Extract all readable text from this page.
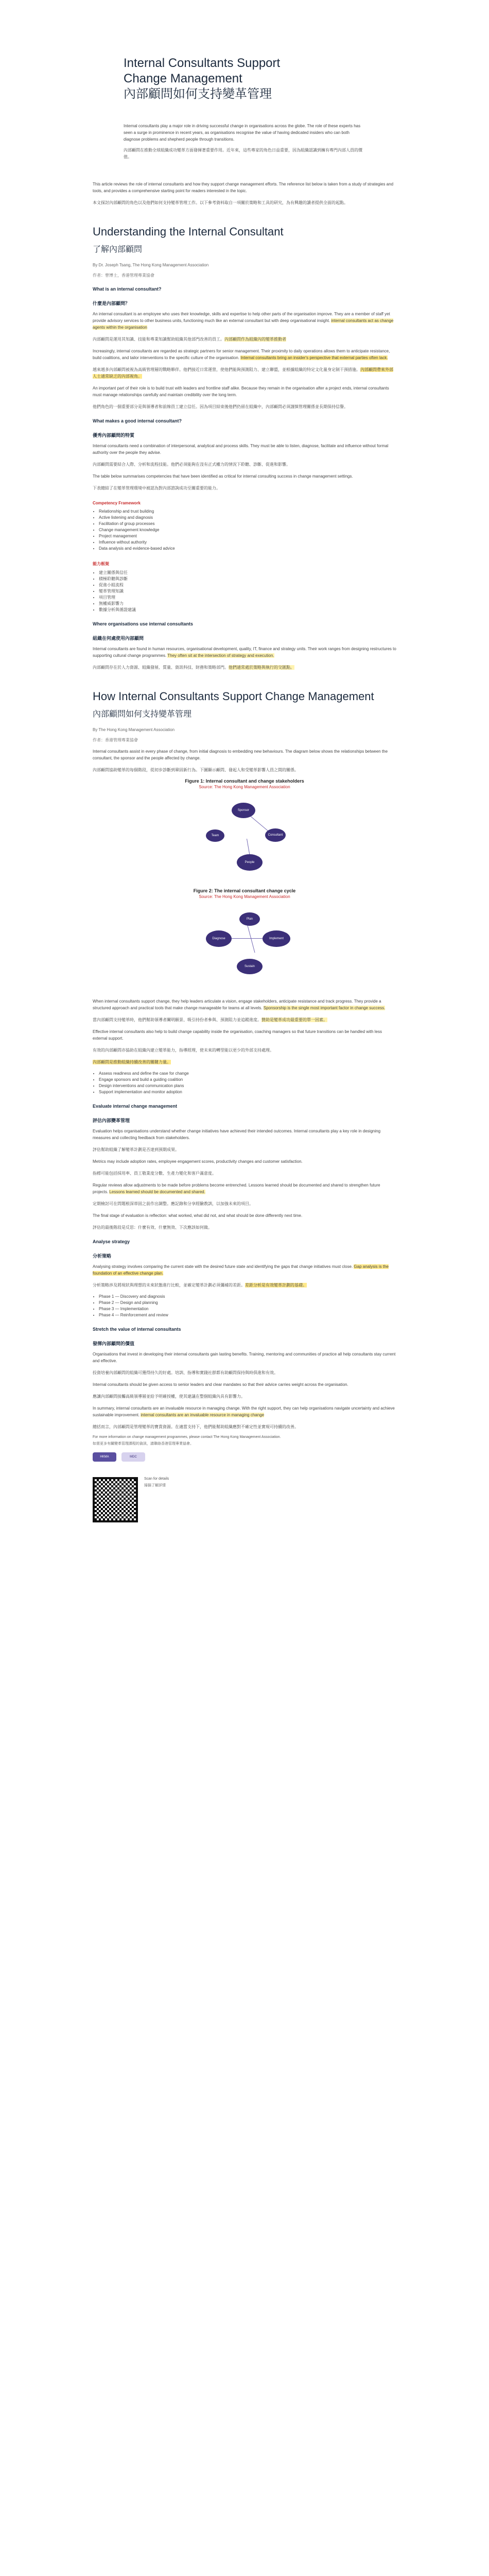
Internal Consultants Support
Change Management
內部顧問如何支持變革管理

Internal consultants play a major role in driving successful change in organisations across the globe. The role of these experts has seen a surge in prominence in recent years, as organisations recognise the value of having dedicated insiders who can both diagnose problems and shepherd people through transitions.

內部顧問在推動全球組織成功變革方面發揮著重要作用。近年來，這些專家的角色日益重要，因為組織認識到擁有專門內部人員的價值。

This article reviews the role of internal consultants and how they support change management efforts. The reference list below is taken from a study of strategies and tools, and provides a comprehensive starting point for readers interested in the topic.

本文探討內部顧問的角色以及他們如何支持變革管理工作。以下參考資料取自一項關於策略和工具的研究，為有興趣的讀者提供全面的起點。

Understanding the Internal Consultant
了解內部顧問

By Dr. Joseph Tsang, The Hong Kong Management Association

作者：曾博士，香港管理專業協會

What is an internal consultant?
什麼是內部顧問？

An internal consultant is an employee who uses their knowledge, skills and expertise to help other parts of the organisation improve. They are a member of staff yet provide advisory services to other business units, functioning much like an external consultant but with deep organisational insight. internal consultants act as change agents within the organisation

內部顧問是運用其知識、技能和專業知識幫助組織其他部門改善的員工。內部顧問作為組織內的變革推動者

Increasingly, internal consultants are regarded as strategic partners for senior management. Their proximity to daily operations allows them to anticipate resistance, build coalitions, and tailor interventions to the specific culture of the organisation. Internal consultants bring an insider's perspective that external parties often lack.

越來越多內部顧問被視為高級管理層的戰略夥伴。他們接近日常運營，使他們能夠預測阻力、建立聯盟，並根據組織的特定文化量身定制干預措施。內部顧問帶來外部人士通常缺乏的內部視角。

An important part of their role is to build trust with leaders and frontline staff alike. Because they remain in the organisation after a project ends, internal consultants must manage relationships carefully and maintain credibility over the long term.

他們角色的一個重要部分是與領導者和前線員工建立信任。因為項目結束後他們仍留在組織中，內部顧問必須謹慎管理關係並長期保持信譽。

What makes a good internal consultant?
優秀內部顧問的特質

Internal consultants need a combination of interpersonal, analytical and process skills. They must be able to listen, diagnose, facilitate and influence without formal authority over the people they advise.

內部顧問需要結合人際、分析和流程技能。他們必須能夠在沒有正式權力的情況下聆聽、診斷、促進和影響。

The table below summarises competencies that have been identified as critical for internal consulting success in change management settings.

下表總結了在變革管理環境中被認為對內部諮詢成功至關重要的能力。

Competency Framework
• Relationship and trust building
• Active listening and diagnosis
• Facilitation of group processes
• Change management knowledge
• Project management
• Influence without authority
• Data analysis and evidence-based advice
能力框架
• 建立關係與信任
• 積極聆聽與診斷
• 促進小組流程
• 變革管理知識
• 項目管理
• 無權威影響力
• 數據分析與循證建議
Where organisations use internal consultants
組織在何處使用內部顧問

Internal consultants are found in human resources, organisational development, quality, IT, finance and strategy units. Their work ranges from designing restructures to supporting cultural change programmes. They often sit at the intersection of strategy and execution.

內部顧問存在於人力資源、組織發展、質量、資訊科技、財務和策略部門。他們通常處於策略與執行的交匯點。

How Internal Consultants Support Change Management
內部顧問如何支持變革管理

By The Hong Kong Management Association

作者：香港管理專業協會

Internal consultants assist in every phase of change, from initial diagnosis to embedding new behaviours. The diagram below shows the relationships between the consultant, the sponsor and the people affected by change.

內部顧問協助變革的每個階段，從初步診斷到鞏固新行為。下圖顯示顧問、發起人和受變革影響人員之間的關係。

Figure 1: Internal consultant and change stakeholders
Source: The Hong Kong Management Association
Sponsor
Consultant
People
Team
Figure 2: The internal consultant change cycle
Source: The Hong Kong Management Association
Diagnose
Plan
Implement
Sustain

When internal consultants support change, they help leaders articulate a vision, engage stakeholders, anticipate resistance and track progress. They provide a structured approach and practical tools that make change manageable for teams at all levels. Sponsorship is the single most important factor in change success.

當內部顧問支持變革時，他們幫助領導者闡明願景、吸引持份者參與、預測阻力並追蹤進度。贊助是變革成功最重要的單一因素。

Effective internal consultants also help to build change capability inside the organisation, coaching managers so that future transitions can be handled with less external support.

有效的內部顧問亦協助在組織內建立變革能力，指導經理，使未來的轉型能以更少的外部支持處理。

內部顧問是推動組織持續改善的關鍵力量。

• Assess readiness and define the case for change
• Engage sponsors and build a guiding coalition
• Design interventions and communication plans
• Support implementation and monitor adoption
Evaluate internal change management
評估內部變革管理

Evaluation helps organisations understand whether change initiatives have achieved their intended outcomes. Internal consultants play a key role in designing measures and collecting feedback from stakeholders.

評估幫助組織了解變革計劃是否達到預期成果。

Metrics may include adoption rates, employee engagement scores, productivity changes and customer satisfaction.

指標可能包括採用率、員工敬業度分數、生產力變化和客戶滿意度。

Regular reviews allow adjustments to be made before problems become entrenched. Lessons learned should be documented and shared to strengthen future projects. Lessons learned should be documented and shared.

定期檢討可在問題根深蒂固之前作出調整。應記錄和分享經驗教訓，以加強未來的項目。

The final stage of evaluation is reflection: what worked, what did not, and what should be done differently next time.

評估的最後階段是反思：什麼有效、什麼無效、下次應該如何做。

Analyse strategy
分析策略

Analysing strategy involves comparing the current state with the desired future state and identifying the gaps that change initiatives must close. Gap analysis is the foundation of an effective change plan.

分析策略涉及將現狀與理想的未來狀態進行比較，並確定變革計劃必須彌補的差距。差距分析是有效變革計劃的基礎。

• Phase 1 — Discovery and diagnosis
• Phase 2 — Design and planning
• Phase 3 — Implementation
• Phase 4 — Reinforcement and review
Stretch the value of internal consultants
發揮內部顧問的價值

Organisations that invest in developing their internal consultants gain lasting benefits. Training, mentoring and communities of practice all help consultants stay current and effective.

投資培養內部顧問的組織可獲得持久的好處。培訓、指導和實踐社群都有助顧問保持與時俱進和有效。

Internal consultants should be given access to senior leaders and clear mandates so that their advice carries weight across the organisation.

應讓內部顧問接觸高級領導層並給予明確授權，使其建議在整個組織內具有影響力。

In summary, internal consultants are an invaluable resource in managing change. With the right support, they can help organisations navigate uncertainty and achieve sustainable improvement. internal consultants are an invaluable resource in managing change

總括而言，內部顧問是管理變革的寶貴資源。在適當支持下，他們能幫助組織應對不確定性並實現可持續的改善。

For more information on change management programmes, please contact The Hong Kong Management Association.

如需更多有關變革管理課程的資訊，請聯絡香港管理專業協會。

HKMA	MDC

Scan for details

掃描了解詳情
